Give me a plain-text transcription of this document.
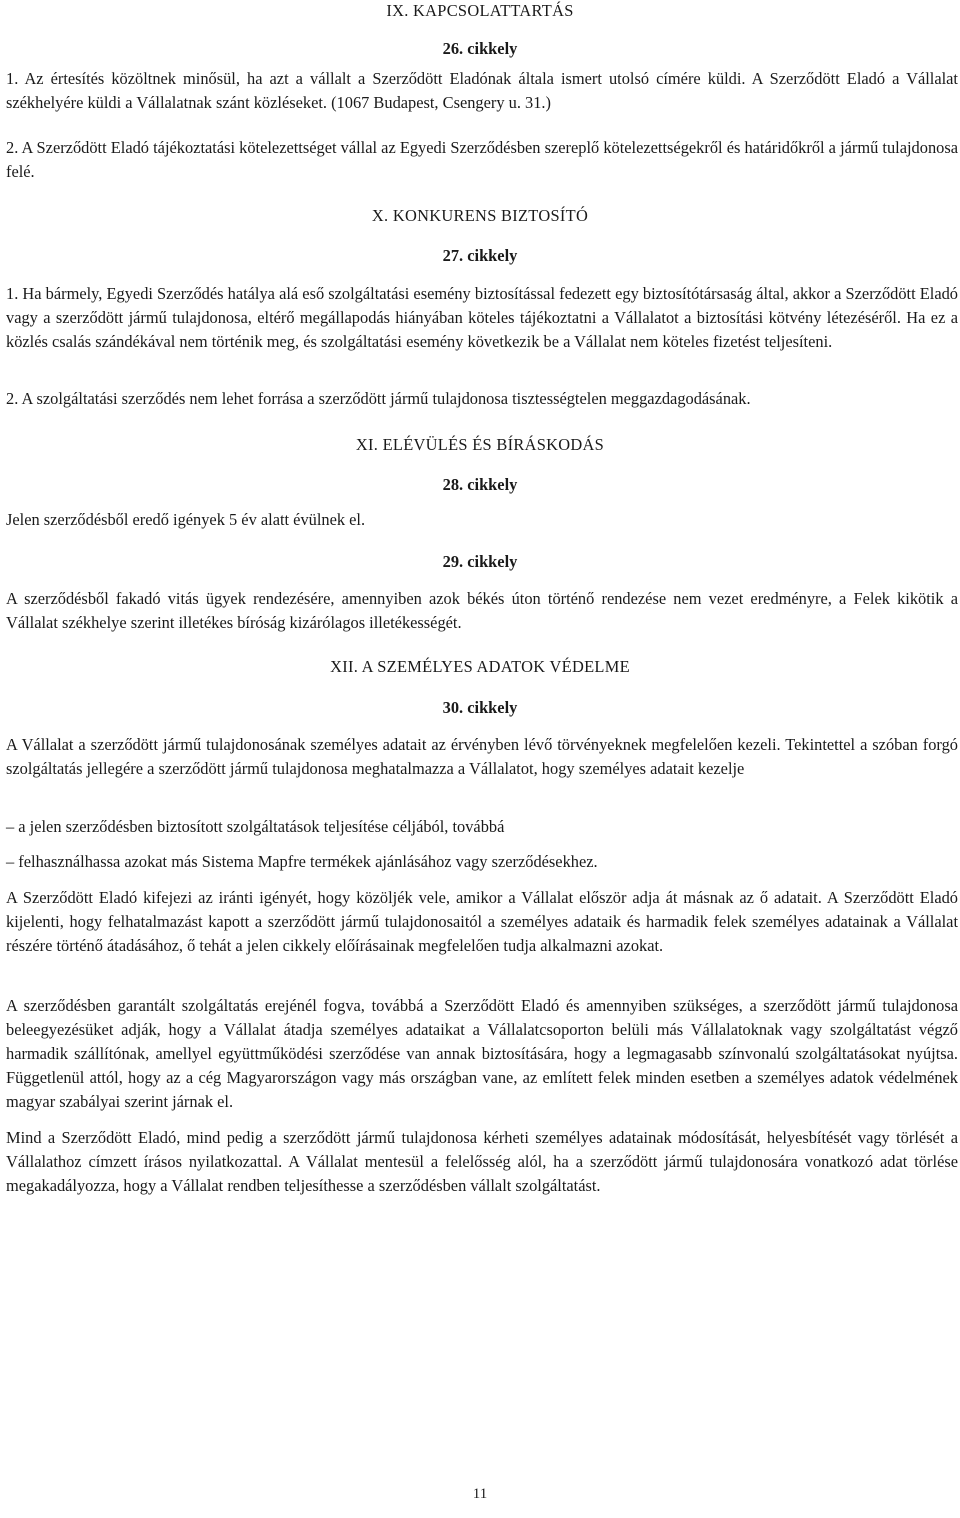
IX. KAPCSOLATTARTÁS
26. cikkely

1. Az értesítés közöltnek minősül, ha azt a vállalt a Szerződött Eladónak általa ismert utolsó címére küldi. A Szerződött Eladó a Vállalat székhelyére küldi a Vállalatnak szánt közléseket. (1067 Budapest, Csengery u. 31.)

2. A Szerződött Eladó tájékoztatási kötelezettséget vállal az Egyedi Szerződésben szereplő kötelezettségekről és határidőkről a jármű tulajdonosa felé.

X. KONKURENS BIZTOSÍTÓ
27. cikkely

1. Ha bármely, Egyedi Szerződés hatálya alá eső szolgáltatási esemény biztosítással fedezett egy biztosítótársaság által, akkor a Szerződött Eladó vagy a szerződött jármű tulajdonosa, eltérő megállapodás hiányában köteles tájékoztatni a Vállalatot a biztosítási kötvény létezéséről. Ha ez a közlés csalás szándékával nem történik meg, és szolgáltatási esemény következik be a Vállalat nem köteles fizetést teljesíteni.

2. A szolgáltatási szerződés nem lehet forrása a szerződött jármű tulajdonosa tisztességtelen meggazdagodásának.

XI. ELÉVÜLÉS ÉS BÍRÁSKODÁS
28. cikkely

Jelen szerződésből eredő igények 5 év alatt évülnek el.

29. cikkely

A szerződésből fakadó vitás ügyek rendezésére, amennyiben azok békés úton történő rendezése nem vezet eredményre, a Felek kikötik a Vállalat székhelye szerint illetékes bíróság kizárólagos illetékességét.

XII. A SZEMÉLYES ADATOK VÉDELME
30. cikkely

A Vállalat a szerződött jármű tulajdonosának személyes adatait az érvényben lévő törvényeknek megfelelően kezeli. Tekintettel a szóban forgó szolgáltatás jellegére a szerződött jármű tulajdonosa meghatalmazza a Vállalatot, hogy személyes adatait kezelje

– a jelen szerződésben biztosított szolgáltatások teljesítése céljából, továbbá
– felhasználhassa azokat más Sistema Mapfre termékek ajánlásához vagy szerződésekhez.

A Szerződött Eladó kifejezi az iránti igényét, hogy közöljék vele, amikor a Vállalat először adja át másnak az ő adatait. A Szerződött Eladó kijelenti, hogy felhatalmazást kapott a szerződött jármű tulajdonosaitól a személyes adataik és harmadik felek személyes adatainak a Vállalat részére történő átadásához, ő tehát a jelen cikkely előírásainak megfelelően tudja alkalmazni azokat.

A szerződésben garantált szolgáltatás erejénél fogva, továbbá a Szerződött Eladó és amennyiben szükséges, a szerződött jármű tulajdonosa beleegyezésüket adják, hogy a Vállalat átadja személyes adataikat a Vállalatcsoporton belüli más Vállalatoknak vagy szolgáltatást végző harmadik szállítónak, amellyel együttműködési szerződése van annak biztosítására, hogy a legmagasabb színvonalú szolgáltatásokat nyújtsa. Függetlenül attól, hogy az a cég Magyarországon vagy más országban vane, az említett felek minden esetben a személyes adatok védelmének magyar szabályai szerint járnak el.

Mind a Szerződött Eladó, mind pedig a szerződött jármű tulajdonosa kérheti személyes adatainak módosítását, helyesbítését vagy törlését a Vállalathoz címzett írásos nyilatkozattal. A Vállalat mentesül a felelősség alól, ha a szerződött jármű tulajdonosára vonatkozó adat törlése megakadályozza, hogy a Vállalat rendben teljesíthesse a szerződésben vállalt szolgáltatást.

11
